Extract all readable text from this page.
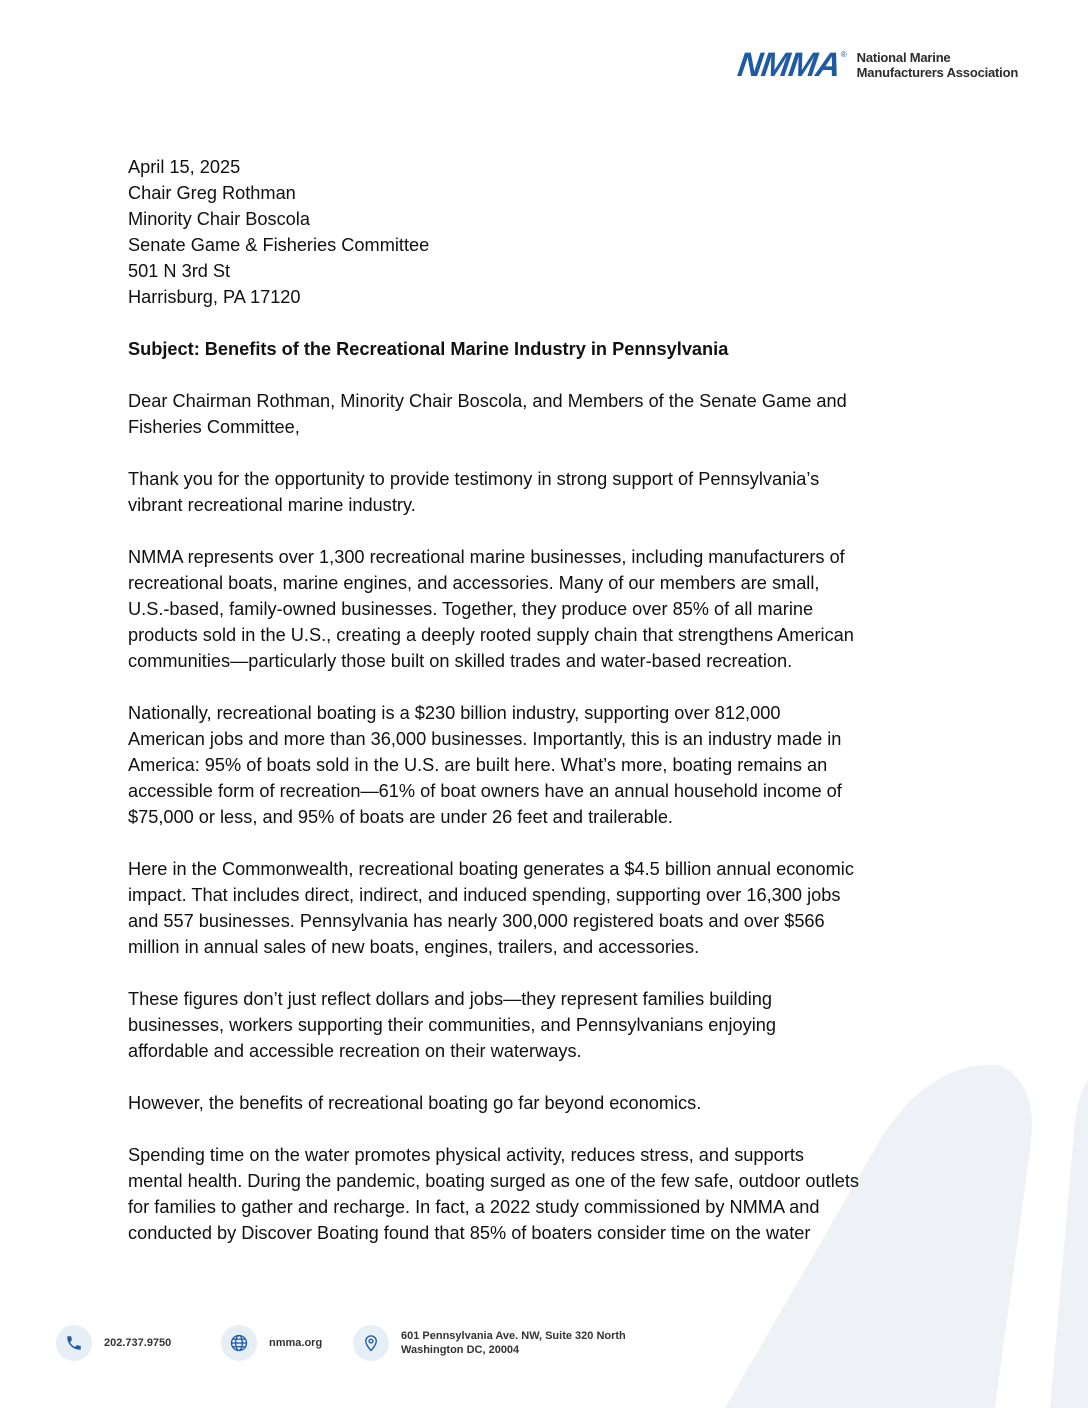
NMMA
® National Marine
Manufacturers Association
April 15, 2025
Chair Greg Rothman
Minority Chair Boscola
Senate Game & Fisheries Committee
501 N 3rd St
Harrisburg, PA 17120
Subject: Benefits of the Recreational Marine Industry in Pennsylvania
Dear Chairman Rothman, Minority Chair Boscola, and Members of the Senate Game and
Fisheries Committee,
Thank you for the opportunity to provide testimony in strong support of Pennsylvania’s
vibrant recreational marine industry.
NMMA represents over 1,300 recreational marine businesses, including manufacturers of
recreational boats, marine engines, and accessories. Many of our members are small,
U.S.-based, family-owned businesses. Together, they produce over 85% of all marine
products sold in the U.S., creating a deeply rooted supply chain that strengthens American
communities—particularly those built on skilled trades and water-based recreation.
Nationally, recreational boating is a $230 billion industry, supporting over 812,000
American jobs and more than 36,000 businesses. Importantly, this is an industry made in
America: 95% of boats sold in the U.S. are built here. What’s more, boating remains an
accessible form of recreation—61% of boat owners have an annual household income of
$75,000 or less, and 95% of boats are under 26 feet and trailerable.
Here in the Commonwealth, recreational boating generates a $4.5 billion annual economic
impact. That includes direct, indirect, and induced spending, supporting over 16,300 jobs
and 557 businesses. Pennsylvania has nearly 300,000 registered boats and over $566
million in annual sales of new boats, engines, trailers, and accessories.
These figures don’t just reflect dollars and jobs—they represent families building
businesses, workers supporting their communities, and Pennsylvanians enjoying
affordable and accessible recreation on their waterways.
However, the benefits of recreational boating go far beyond economics.
Spending time on the water promotes physical activity, reduces stress, and supports
mental health. During the pandemic, boating surged as one of the few safe, outdoor outlets
for families to gather and recharge. In fact, a 2022 study commissioned by NMMA and
conducted by Discover Boating found that 85% of boaters consider time on the water
202.737.9750	nmma.org
601 Pennsylvania Ave. NW, Suite 320 North
Washington DC, 20004
